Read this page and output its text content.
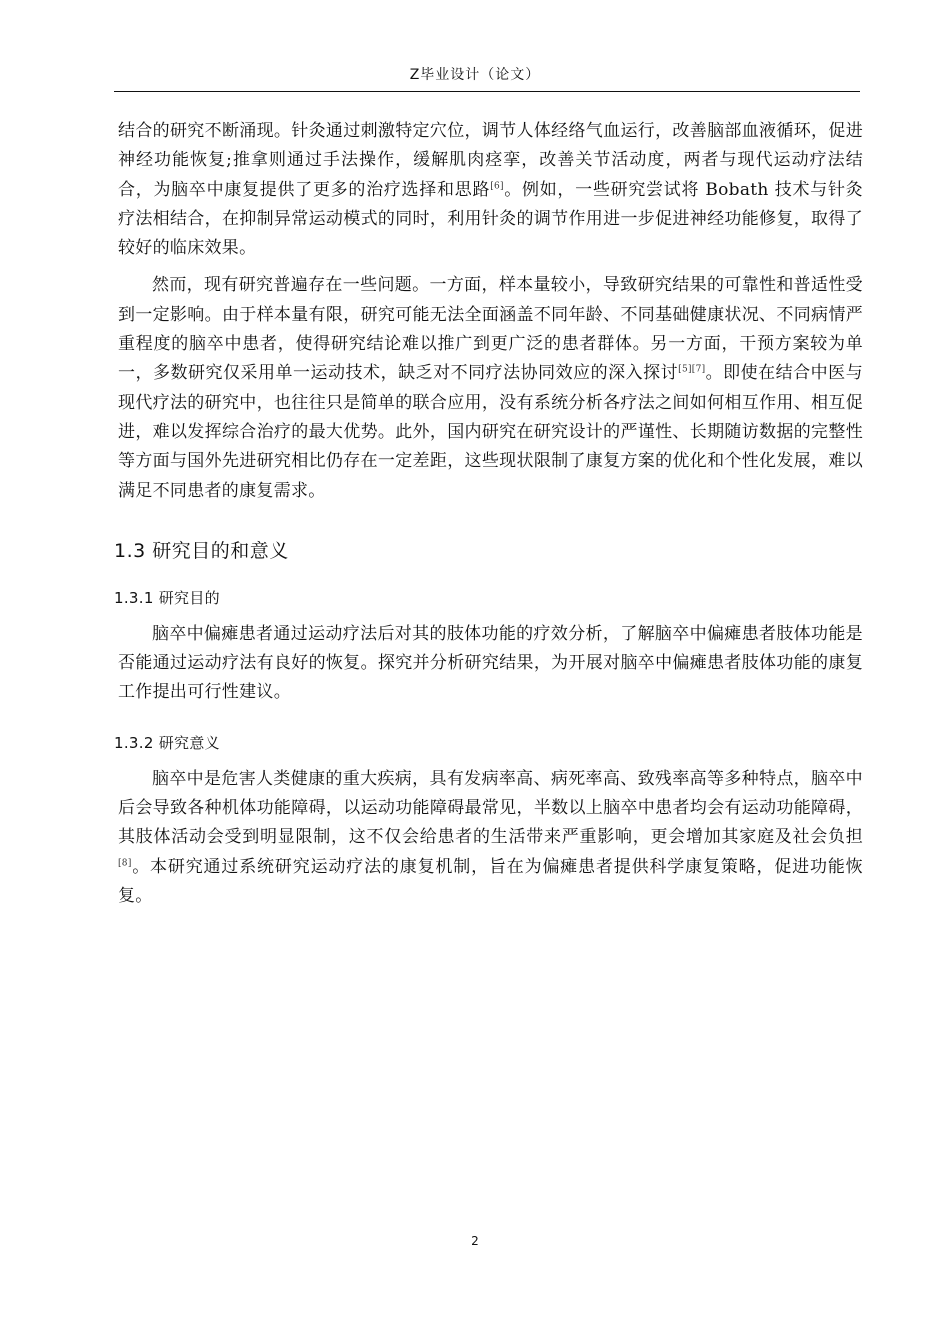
Z毕业设计（论文）

结合的研究不断涌现。针灸通过刺激特定穴位，调节人体经络气血运行，改善脑部血液循环，促进神经功能恢复;推拿则通过手法操作，缓解肌肉痉挛，改善关节活动度，两者与现代运动疗法结合，为脑卒中康复提供了更多的治疗选择和思路[6]。例如，一些研究尝试将 Bobath 技术与针灸疗法相结合，在抑制异常运动模式的同时，利用针灸的调节作用进一步促进神经功能修复，取得了较好的临床效果。

然而，现有研究普遍存在一些问题。一方面，样本量较小，导致研究结果的可靠性和普适性受到一定影响。由于样本量有限，研究可能无法全面涵盖不同年龄、不同基础健康状况、不同病情严重程度的脑卒中患者，使得研究结论难以推广到更广泛的患者群体。另一方面，干预方案较为单一，多数研究仅采用单一运动技术，缺乏对不同疗法协同效应的深入探讨[5][7]。即使在结合中医与现代疗法的研究中，也往往只是简单的联合应用，没有系统分析各疗法之间如何相互作用、相互促进，难以发挥综合治疗的最大优势。此外，国内研究在研究设计的严谨性、长期随访数据的完整性等方面与国外先进研究相比仍存在一定差距，这些现状限制了康复方案的优化和个性化发展，难以满足不同患者的康复需求。

1.3 研究目的和意义
1.3.1 研究目的

脑卒中偏瘫患者通过运动疗法后对其的肢体功能的疗效分析，了解脑卒中偏瘫患者肢体功能是否能通过运动疗法有良好的恢复。探究并分析研究结果，为开展对脑卒中偏瘫患者肢体功能的康复工作提出可行性建议。

1.3.2 研究意义

脑卒中是危害人类健康的重大疾病，具有发病率高、病死率高、致残率高等多种特点，脑卒中后会导致各种机体功能障碍，以运动功能障碍最常见，半数以上脑卒中患者均会有运动功能障碍，其肢体活动会受到明显限制，这不仅会给患者的生活带来严重影响，更会增加其家庭及社会负担[8]。本研究通过系统研究运动疗法的康复机制，旨在为偏瘫患者提供科学康复策略，促进功能恢复。

2
